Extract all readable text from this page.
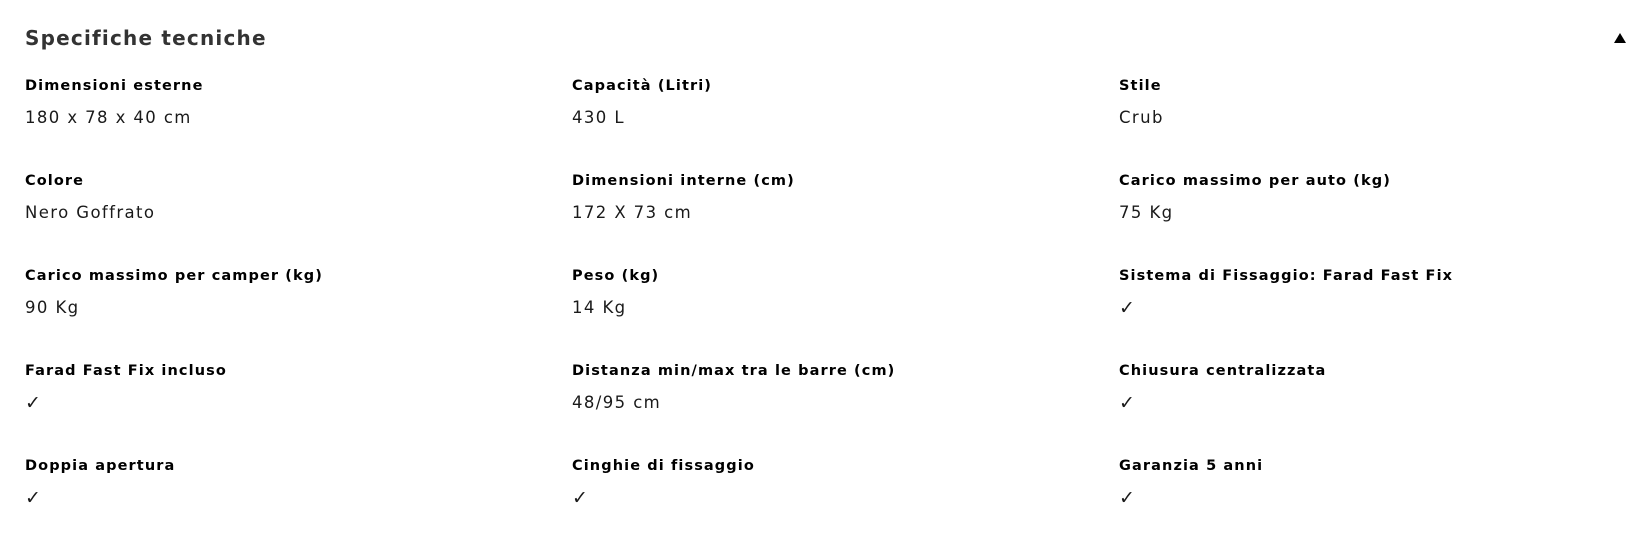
Specifiche tecniche
Dimensioni esterne
180 x 78 x 40 cm
Capacità (Litri)
430 L
Stile
Crub
Colore
Nero Goffrato
Dimensioni interne (cm)
172 X 73 cm
Carico massimo per auto (kg)
75 Kg
Carico massimo per camper (kg)
90 Kg
Peso (kg)
14 Kg
Sistema di Fissaggio: Farad Fast Fix
✓
Farad Fast Fix incluso
✓
Distanza min/max tra le barre (cm)
48/95 cm
Chiusura centralizzata
✓
Doppia apertura
✓
Cinghie di fissaggio
✓
Garanzia 5 anni
✓
